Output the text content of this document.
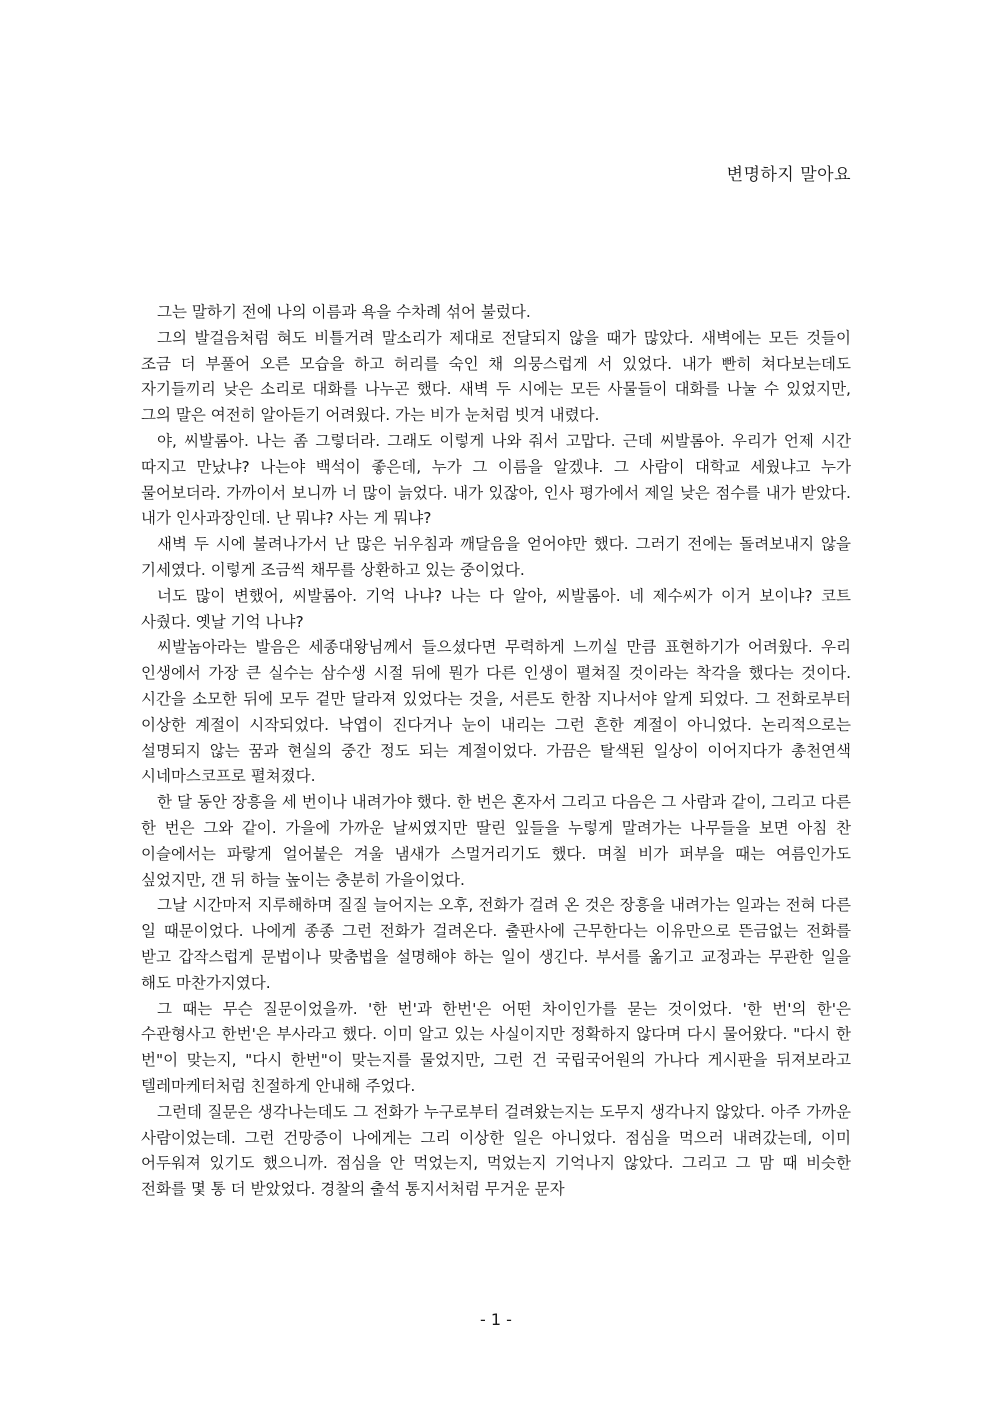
변명하지 말아요

그는 말하기 전에 나의 이름과 욕을 수차례 섞어 불렀다.

그의 발걸음처럼 혀도 비틀거려 말소리가 제대로 전달되지 않을 때가 많았다. 새벽에는 모든 것들이 조금 더 부풀어 오른 모습을 하고 허리를 숙인 채 의뭉스럽게 서 있었다. 내가 빤히 쳐다보는데도 자기들끼리 낮은 소리로 대화를 나누곤 했다. 새벽 두 시에는 모든 사물들이 대화를 나눌 수 있었지만, 그의 말은 여전히 알아듣기 어려웠다. 가는 비가 눈처럼 빗겨 내렸다.

야, 씨발롬아. 나는 좀 그렇더라. 그래도 이렇게 나와 줘서 고맙다. 근데 씨발롬아. 우리가 언제 시간 따지고 만났냐? 나는야 백석이 좋은데, 누가 그 이름을 알겠냐. 그 사람이 대학교 세웠냐고 누가 물어보더라. 가까이서 보니까 너 많이 늙었다. 내가 있잖아, 인사 평가에서 제일 낮은 점수를 내가 받았다. 내가 인사과장인데. 난 뭐냐? 사는 게 뭐냐?

새벽 두 시에 불려나가서 난 많은 뉘우침과 깨달음을 얻어야만 했다. 그러기 전에는 돌려보내지 않을 기세였다. 이렇게 조금씩 채무를 상환하고 있는 중이었다.

너도 많이 변했어, 씨발롬아. 기억 나냐? 나는 다 알아, 씨발롬아. 네 제수씨가 이거 보이냐? 코트 사줬다. 옛날 기억 나냐?

씨발놈아라는 발음은 세종대왕님께서 들으셨다면 무력하게 느끼실 만큼 표현하기가 어려웠다. 우리 인생에서 가장 큰 실수는 삼수생 시절 뒤에 뭔가 다른 인생이 펼쳐질 것이라는 착각을 했다는 것이다. 시간을 소모한 뒤에 모두 겉만 달라져 있었다는 것을, 서른도 한참 지나서야 알게 되었다. 그 전화로부터 이상한 계절이 시작되었다. 낙엽이 진다거나 눈이 내리는 그런 흔한 계절이 아니었다. 논리적으로는 설명되지 않는 꿈과 현실의 중간 정도 되는 계절이었다. 가끔은 탈색된 일상이 이어지다가 총천연색 시네마스코프로 펼쳐졌다.

한 달 동안 장흥을 세 번이나 내려가야 했다. 한 번은 혼자서 그리고 다음은 그 사람과 같이, 그리고 다른 한 번은 그와 같이. 가을에 가까운 날씨였지만 딸린 잎들을 누렇게 말려가는 나무들을 보면 아침 찬 이슬에서는 파랗게 얼어붙은 겨울 냄새가 스멀거리기도 했다. 며칠 비가 퍼부을 때는 여름인가도 싶었지만, 갠 뒤 하늘 높이는 충분히 가을이었다.

그날 시간마저 지루해하며 질질 늘어지는 오후, 전화가 걸려 온 것은 장흥을 내려가는 일과는 전혀 다른 일 때문이었다. 나에게 종종 그런 전화가 걸려온다. 출판사에 근무한다는 이유만으로 뜬금없는 전화를 받고 갑작스럽게 문법이나 맞춤법을 설명해야 하는 일이 생긴다. 부서를 옮기고 교정과는 무관한 일을 해도 마찬가지였다.

그 때는 무슨 질문이었을까. '한 번'과 한번'은 어떤 차이인가를 묻는 것이었다. '한 번'의 한'은 수관형사고 한번'은 부사라고 했다. 이미 알고 있는 사실이지만 정확하지 않다며 다시 물어왔다. "다시 한 번"이 맞는지, "다시 한번"이 맞는지를 물었지만, 그런 건 국립국어원의 가나다 게시판을 뒤져보라고 텔레마케터처럼 친절하게 안내해 주었다.

그런데 질문은 생각나는데도 그 전화가 누구로부터 걸려왔는지는 도무지 생각나지 않았다. 아주 가까운 사람이었는데. 그런 건망증이 나에게는 그리 이상한 일은 아니었다. 점심을 먹으러 내려갔는데, 이미 어두워져 있기도 했으니까. 점심을 안 먹었는지, 먹었는지 기억나지 않았다. 그리고 그 맘 때 비슷한 전화를 몇 통 더 받았었다. 경찰의 출석 통지서처럼 무거운 문자

- 1 -
